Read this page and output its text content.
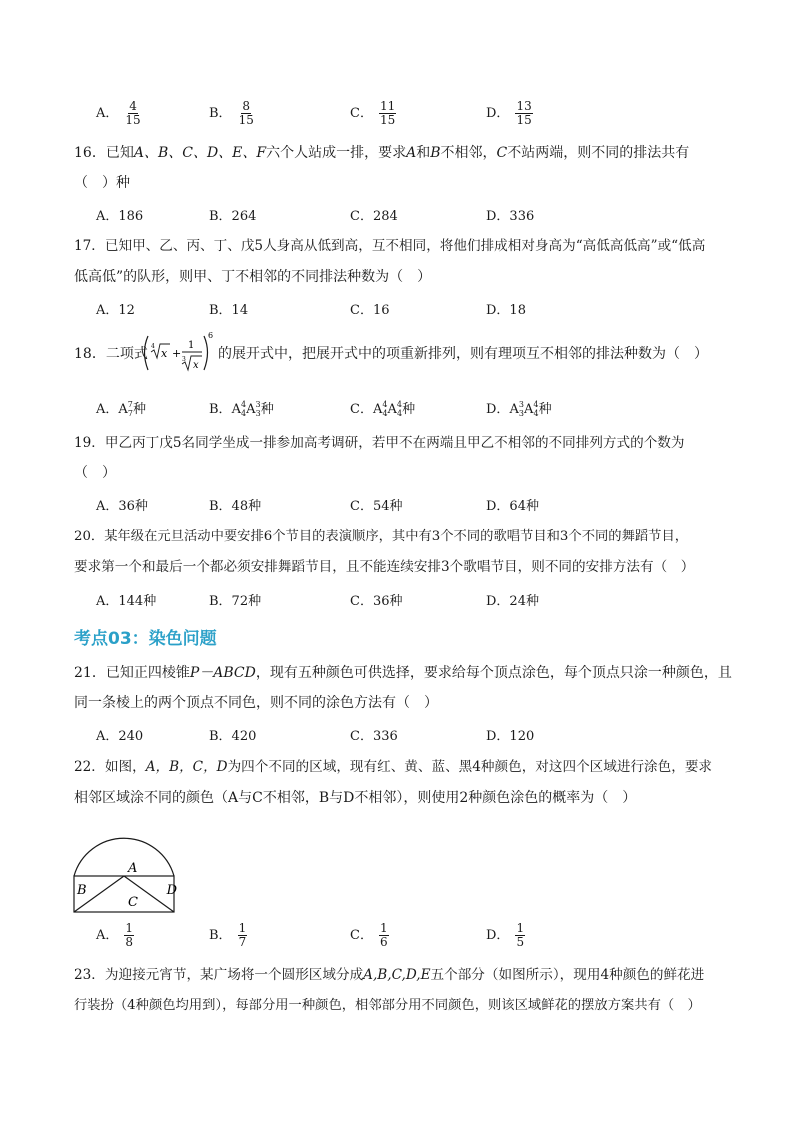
A． $\frac{4}{15}$	B． $\frac{8}{15}$	C． $\frac{11}{15}$	D． $\frac{13}{15}$
16．已知A、B、C、D、E、F六个人站成一排，要求A和B不相邻，C不站两端，则不同的排法共有
（　）种
A．186	B．264	C．284	D．336
17．已知甲、乙、丙、丁、戊5人身高从低到高，互不相同，将他们排成相对身高为“高低高低高”或“低高
低高低”的队形，则甲、丁不相邻的不同排法种数为（　）
A．12	B．14	C．16	D．18
18．二项式 4
x +
1
3
x
6
的展开式中，把展开式中的项重新排列，则有理项互不相邻的排法种数为（　）
A．$A^7_7$种	B．$A^4_4A^3_3$种	C．$A^4_4A^4_4$种	D．$A^3_3A^4_4$种
19．甲乙丙丁戊5名同学坐成一排参加高考调研，若甲不在两端且甲乙不相邻的不同排列方式的个数为
（　）
A．36种	B．48种	C．54种	D．64种
20．某年级在元旦活动中要安排6个节目的表演顺序，其中有3个不同的歌唱节目和3个不同的舞蹈节目，
要求第一个和最后一个都必须安排舞蹈节目，且不能连续安排3个歌唱节目，则不同的安排方法有（　）
A．144种	B．72种	C．36种	D．24种
考点03：染色问题
21．已知正四棱锥P－ABCD，现有五种颜色可供选择，要求给每个顶点涂色，每个顶点只涂一种颜色，且
同一条棱上的两个顶点不同色，则不同的涂色方法有（　）
A．240	B．420	C．336	D．120
22．如图，A，B，C，D为四个不同的区域，现有红、黄、蓝、黑4种颜色，对这四个区域进行涂色，要求
相邻区域涂不同的颜色（A与C不相邻，B与D不相邻），则使用2种颜色涂色的概率为（　）
A
B
C
D
A． $\frac{1}{8}$	B． $\frac{1}{7}$	C． $\frac{1}{6}$	D． $\frac{1}{5}$
23．为迎接元宵节，某广场将一个圆形区域分成A,B,C,D,E五个部分（如图所示），现用4种颜色的鲜花进
行装扮（4种颜色均用到），每部分用一种颜色，相邻部分用不同颜色，则该区域鲜花的摆放方案共有（　）
